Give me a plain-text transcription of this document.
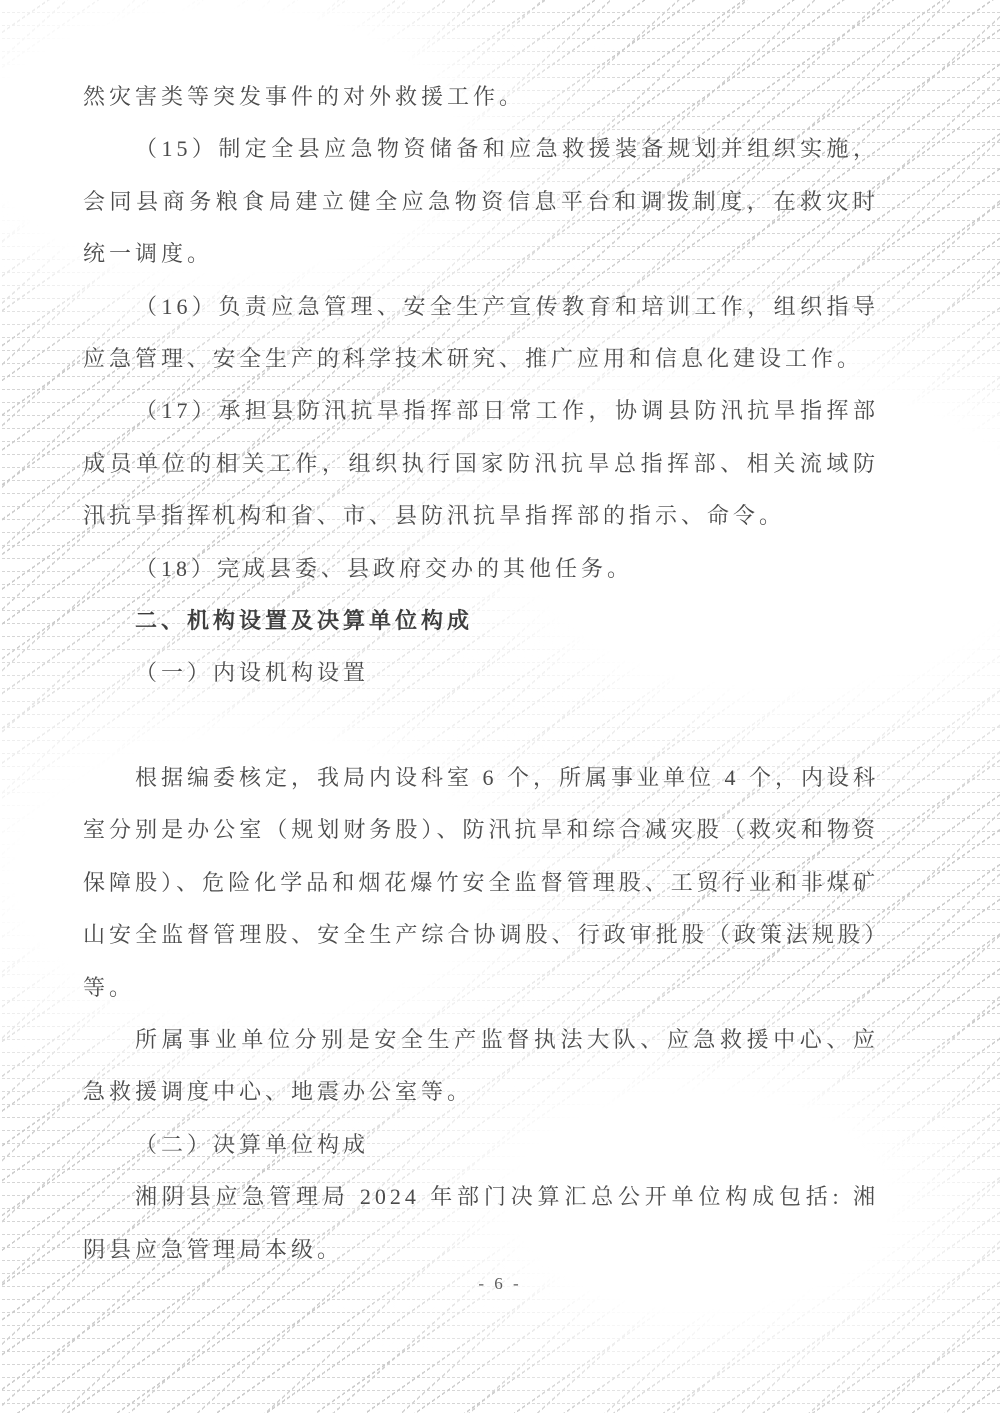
然灾害类等突发事件的对外救援工作。

（15）制定全县应急物资储备和应急救援装备规划并组织实施，会同县商务粮食局建立健全应急物资信息平台和调拨制度，在救灾时统一调度。

（16）负责应急管理、安全生产宣传教育和培训工作，组织指导应急管理、安全生产的科学技术研究、推广应用和信息化建设工作。

（17）承担县防汛抗旱指挥部日常工作，协调县防汛抗旱指挥部成员单位的相关工作，组织执行国家防汛抗旱总指挥部、相关流域防汛抗旱指挥机构和省、市、县防汛抗旱指挥部的指示、命令。

（18）完成县委、县政府交办的其他任务。

二、机构设置及决算单位构成

（一）内设机构设置

根据编委核定，我局内设科室 6 个，所属事业单位 4 个，内设科室分别是办公室（规划财务股）、防汛抗旱和综合减灾股（救灾和物资保障股）、危险化学品和烟花爆竹安全监督管理股、工贸行业和非煤矿山安全监督管理股、安全生产综合协调股、行政审批股（政策法规股）等。

所属事业单位分别是安全生产监督执法大队、应急救援中心、应急救援调度中心、地震办公室等。

（二）决算单位构成

湘阴县应急管理局 2024 年部门决算汇总公开单位构成包括: 湘阴县应急管理局本级。

- 6 -
